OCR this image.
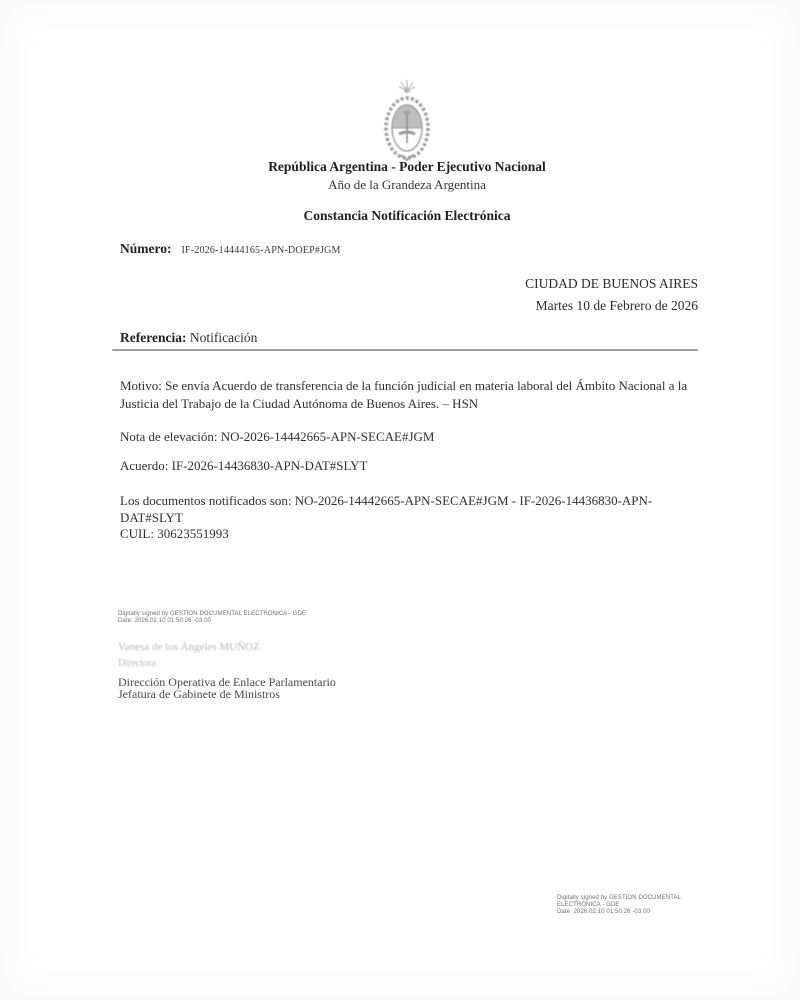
República Argentina - Poder Ejecutivo Nacional
Año de la Grandeza Argentina
Constancia Notificación Electrónica
Número: IF-2026-14444165-APN-DOEP#JGM
CIUDAD DE BUENOS AIRES
Martes 10 de Febrero de 2026
Referencia: Notificación
Motivo: Se envía Acuerdo de transferencia de la función judicial en materia laboral del Ámbito Nacional a la
Justicia del Trabajo de la Ciudad Autónoma de Buenos Aires. – HSN
Nota de elevación: NO-2026-14442665-APN-SECAE#JGM
Acuerdo: IF-2026-14436830-APN-DAT#SLYT
Los documentos notificados son: NO-2026-14442665-APN-SECAE#JGM - IF-2026-14436830-APN-
DAT#SLYT
CUIL: 30623551993
Digitally signed by GESTION DOCUMENTAL ELECTRONICA - GDE
Date: 2026.02.10 01:50:26 -03:00
Vanesa de los Ángeles MUÑOZ
Directora
Dirección Operativa de Enlace Parlamentario
Jefatura de Gabinete de Ministros
Digitally signed by GESTION DOCUMENTAL
ELECTRONICA - GDE
Date: 2026.02.10 01:50:26 -03:00
